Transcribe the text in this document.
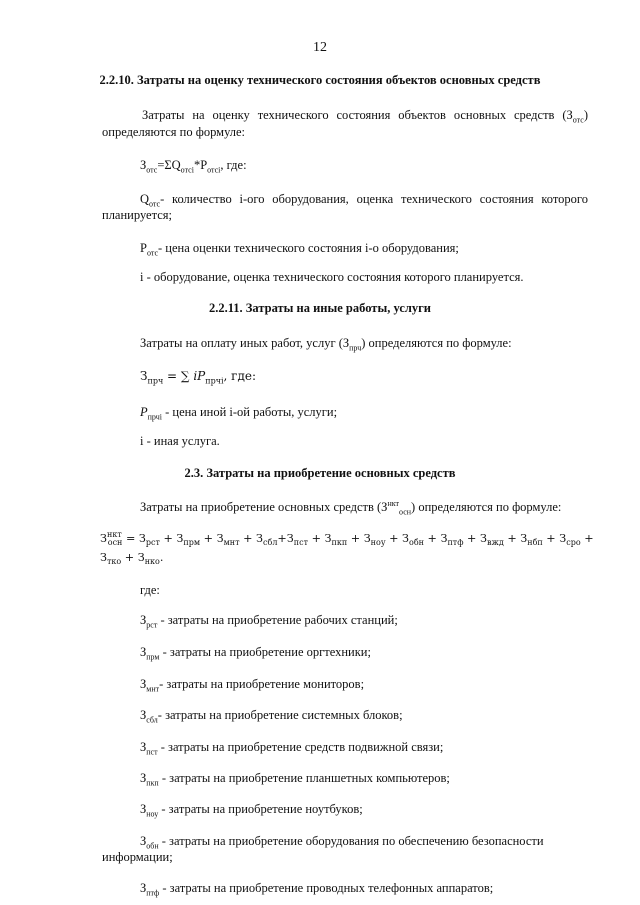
12
2.2.10. Затраты на оценку технического состояния объектов основных средств
Затраты на оценку технического состояния объектов основных средств $(З_{отс})$
определяются по формуле:
$З_{отс}=\Sigma Q_{отсi}*P_{отсi}$, где:
$Q_{отс}-$ количество i-ого оборудования, оценка технического состояния которого
планируется;
$P_{отс}-$ цена оценки технического состояния i-о оборудования;
i - оборудование, оценка технического состояния которого планируется.
2.2.11. Затраты на иные работы, услуги
Затраты на оплату иных работ, услуг $(З_{прч})$ определяются по формуле:
$З_{прч}$ = ∑ $iP_{прчi}$, где:
$P_{прчi}$ - цена иной i-ой работы, услуги;
i - иная услуга.
2.3. Затраты на приобретение основных средств
Затраты на приобретение основных средств $(З^{нкт}_{осн})$ определяются по формуле:
$З^{нкт}_{осн} = З_{рст} + З_{прм} + З_{мнт} + З_{сбл}+З_{пст} + З_{пкп} + З_{ноу} + З_{обн} + З_{птф} + З_{вжд} + З_{нбп} + З_{сро}$ +
$З_{тко} + З_{нко}$.
где:
$З_{рст}$ - затраты на приобретение рабочих станций;
$З_{прм}$ - затраты на приобретение оргтехники;
$З_{мнт}-$ затраты на приобретение мониторов;
$З_{сбл}-$ затраты на приобретение системных блоков;
$З_{пст}$ - затраты на приобретение средств подвижной связи;
$З_{пкп}$ - затраты на приобретение планшетных компьютеров;
$З_{ноу}$ - затраты на приобретение ноутбуков;
$З_{обн}$ - затраты на приобретение оборудования по обеспечению безопасности
информации;
$З_{птф}$ - затраты на приобретение проводных телефонных аппаратов;
